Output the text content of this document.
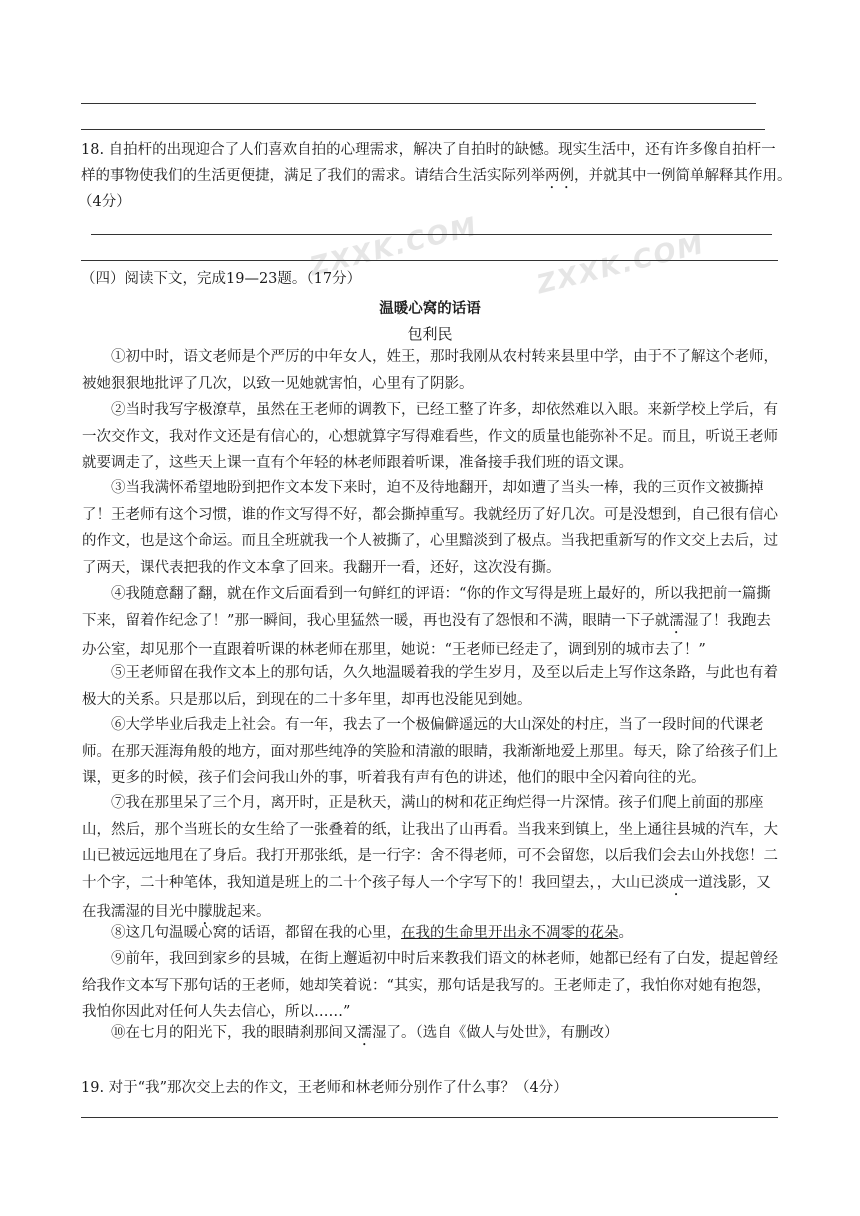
ZXXK.COM ZXXK.COM
18. 自拍杆的出现迎合了人们喜欢自拍的心理需求，解决了自拍时的缺憾。现实生活中，还有许多像自拍杆一
样的事物使我们的生活更便捷，满足了我们的需求。请结合生活实际列举两例，并就其中一例简单解释其作用。
（4分）
（四）阅读下文，完成19—23题。（17分）
温暖心窝的话语
包利民
①初中时，语文老师是个严厉的中年女人，姓王，那时我刚从农村转来县里中学，由于不了解这个老师，被她狠狠地批评了几次，以致一见她就害怕，心里有了阴影。
②当时我写字极潦草，虽然在王老师的调教下，已经工整了许多，却依然难以入眼。来新学校上学后，有一次交作文，我对作文还是有信心的，心想就算字写得难看些，作文的质量也能弥补不足。而且，听说王老师就要调走了，这些天上课一直有个年轻的林老师跟着听课，准备接手我们班的语文课。
③当我满怀希望地盼到把作文本发下来时，迫不及待地翻开，却如遭了当头一棒，我的三页作文被撕掉了！王老师有这个习惯，谁的作文写得不好，都会撕掉重写。我就经历了好几次。可是没想到，自己很有信心的作文，也是这个命运。而且全班就我一个人被撕了，心里黯淡到了极点。当我把重新写的作文交上去后，过了两天，课代表把我的作文本拿了回来。我翻开一看，还好，这次没有撕。
④我随意翻了翻，就在作文后面看到一句鲜红的评语：“你的作文写得是班上最好的，所以我把前一篇撕下来，留着作纪念了！”那一瞬间，我心里猛然一暖，再也没有了怨恨和不满，眼睛一下子就濡湿了！我跑去办公室，却见那个一直跟着听课的林老师在那里，她说：“王老师已经走了，调到别的城市去了！”
⑤王老师留在我作文本上的那句话，久久地温暖着我的学生岁月，及至以后走上写作这条路，与此也有着极大的关系。只是那以后，到现在的二十多年里，却再也没能见到她。
⑥大学毕业后我走上社会。有一年，我去了一个极偏僻遥远的大山深处的村庄，当了一段时间的代课老师。在那天涯海角般的地方，面对那些纯净的笑脸和清澈的眼睛，我渐渐地爱上那里。每天，除了给孩子们上课，更多的时候，孩子们会问我山外的事，听着我有声有色的讲述，他们的眼中全闪着向往的光。
⑦我在那里呆了三个月，离开时，正是秋天，满山的树和花正绚烂得一片深情。孩子们爬上前面的那座山，然后，那个当班长的女生给了一张叠着的纸，让我出了山再看。当我来到镇上，坐上通往县城的汽车，大山已被远远地甩在了身后。我打开那张纸，是一行字：舍不得老师，可不会留您，以后我们会去山外找您！二十个字，二十种笔体，我知道是班上的二十个孩子每人一个字写下的！我回望去，，大山已淡成一道浅影，又在我濡湿的目光中朦胧起来。
⑧这几句温暖心窝的话语，都留在我的心里，在我的生命里开出永不凋零的花朵。
⑨前年，我回到家乡的县城，在街上邂逅初中时后来教我们语文的林老师，她都已经有了白发，提起曾经给我作文本写下那句话的王老师，她却笑着说：“其实，那句话是我写的。王老师走了，我怕你对她有抱怨，我怕你因此对任何人失去信心，所以……”
⑩在七月的阳光下，我的眼睛刹那间又濡湿了。（选自《做人与处世》，有删改）
19. 对于“我”那次交上去的作文，王老师和林老师分别作了什么事？（4分）
